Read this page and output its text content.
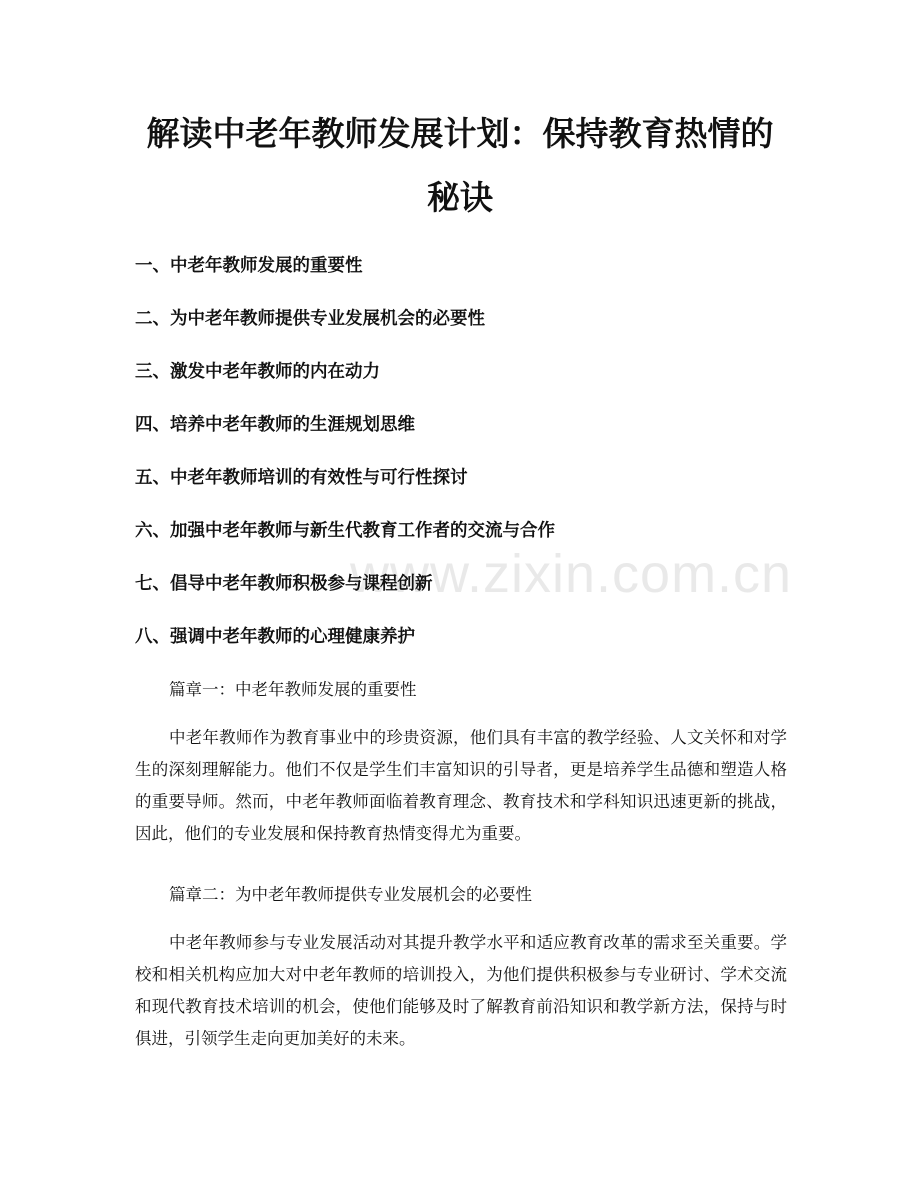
www.zixin.com.cn
解读中老年教师发展计划：保持教育热情的
秘诀
一、中老年教师发展的重要性
二、为中老年教师提供专业发展机会的必要性
三、激发中老年教师的内在动力
四、培养中老年教师的生涯规划思维
五、中老年教师培训的有效性与可行性探讨
六、加强中老年教师与新生代教育工作者的交流与合作
七、倡导中老年教师积极参与课程创新
八、强调中老年教师的心理健康养护

篇章一：中老年教师发展的重要性

中老年教师作为教育事业中的珍贵资源，他们具有丰富的教学经验、人文关怀和对学生的深刻理解能力。他们不仅是学生们丰富知识的引导者，更是培养学生品德和塑造人格的重要导师。然而，中老年教师面临着教育理念、教育技术和学科知识迅速更新的挑战，因此，他们的专业发展和保持教育热情变得尤为重要。

篇章二：为中老年教师提供专业发展机会的必要性

中老年教师参与专业发展活动对其提升教学水平和适应教育改革的需求至关重要。学校和相关机构应加大对中老年教师的培训投入，为他们提供积极参与专业研讨、学术交流和现代教育技术培训的机会，使他们能够及时了解教育前沿知识和教学新方法，保持与时俱进，引领学生走向更加美好的未来。
